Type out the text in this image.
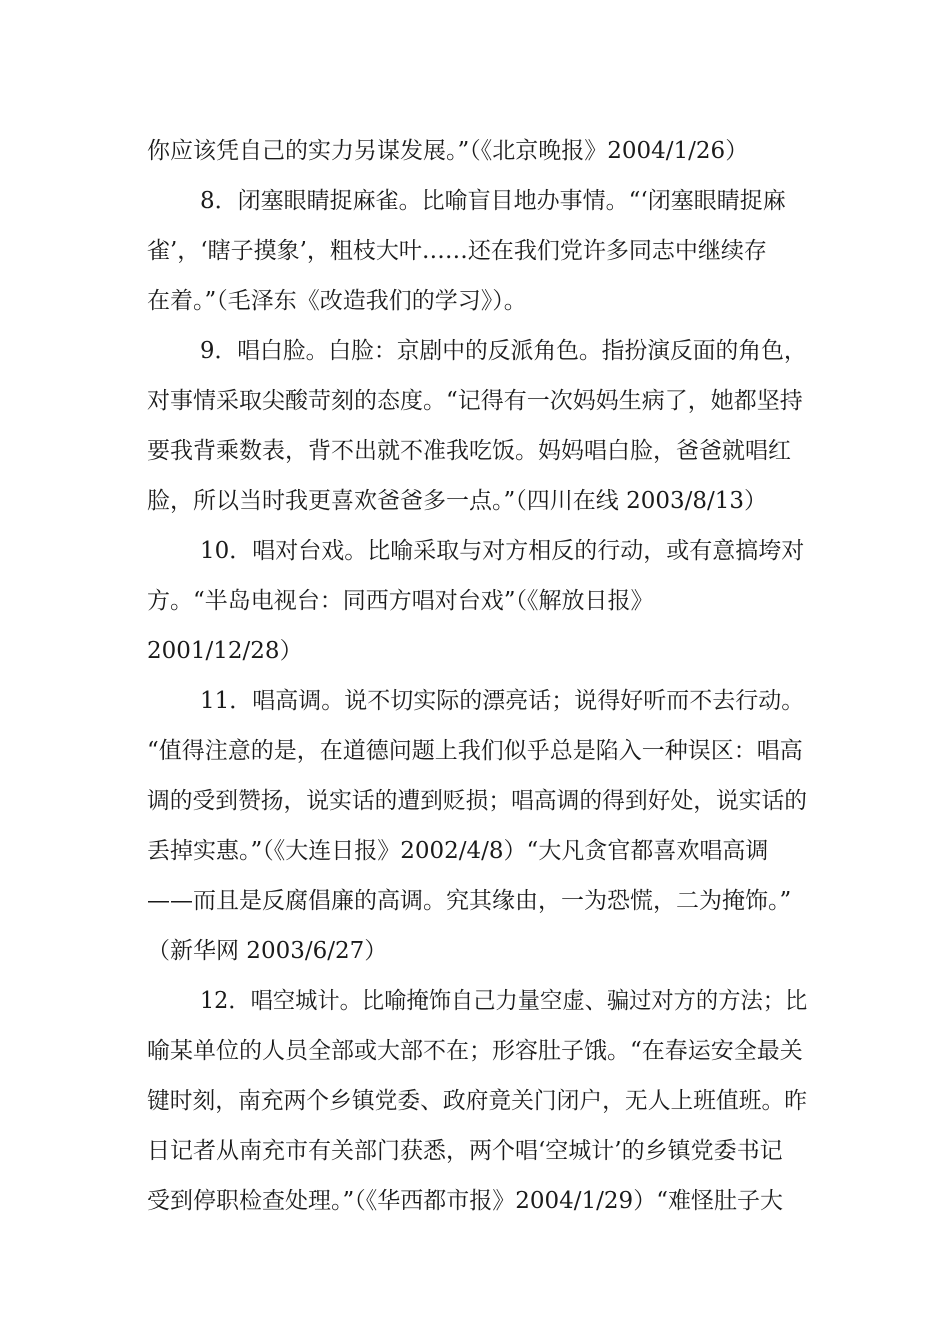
你应该凭自己的实力另谋发展。”（《北京晚报》2004/1/26）
8．闭塞眼睛捉麻雀。比喻盲目地办事情。“‘闭塞眼睛捉麻
雀’，‘瞎子摸象’，粗枝大叶……还在我们党许多同志中继续存
在着。”（毛泽东《改造我们的学习》）。
9．唱白脸。白脸：京剧中的反派角色。指扮演反面的角色，
对事情采取尖酸苛刻的态度。“记得有一次妈妈生病了，她都坚持
要我背乘数表，背不出就不准我吃饭。妈妈唱白脸，爸爸就唱红
脸，所以当时我更喜欢爸爸多一点。”（四川在线 2003/8/13）
10．唱对台戏。比喻采取与对方相反的行动，或有意搞垮对
方。“半岛电视台：同西方唱对台戏”（《解放日报》
2001/12/28）
11．唱高调。说不切实际的漂亮话；说得好听而不去行动。
“值得注意的是，在道德问题上我们似乎总是陷入一种误区：唱高
调的受到赞扬，说实话的遭到贬损；唱高调的得到好处，说实话的
丢掉实惠。”（《大连日报》2002/4/8）“大凡贪官都喜欢唱高调
——而且是反腐倡廉的高调。究其缘由，一为恐慌，二为掩饰。”
（新华网 2003/6/27）
12．唱空城计。比喻掩饰自己力量空虚、骗过对方的方法；比
喻某单位的人员全部或大部不在；形容肚子饿。“在春运安全最关
键时刻，南充两个乡镇党委、政府竟关门闭户，无人上班值班。昨
日记者从南充市有关部门获悉，两个唱‘空城计’的乡镇党委书记
受到停职检查处理。”（《华西都市报》2004/1/29）“难怪肚子大
